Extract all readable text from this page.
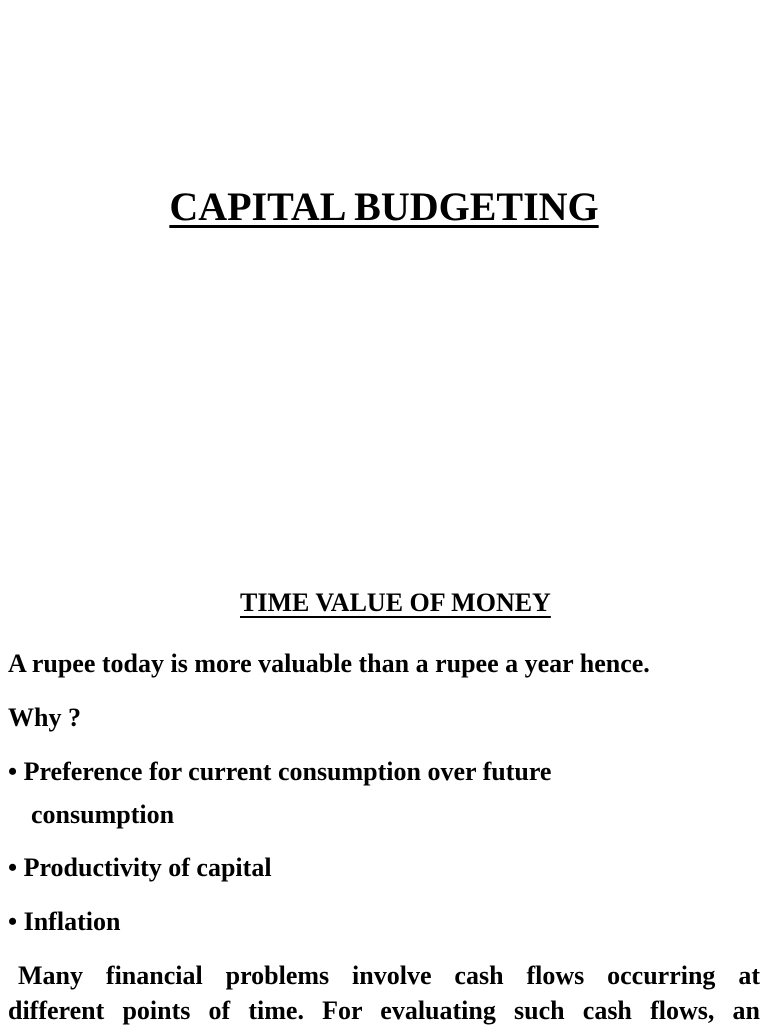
CAPITAL BUDGETING
TIME VALUE OF MONEY
A rupee today is more valuable than a rupee a year hence.
Why ?
• Preference for current consumption over future
consumption
• Productivity of capital
• Inflation
Many financial problems involve cash flows occurring at
different points of time. For evaluating such cash flows, an
